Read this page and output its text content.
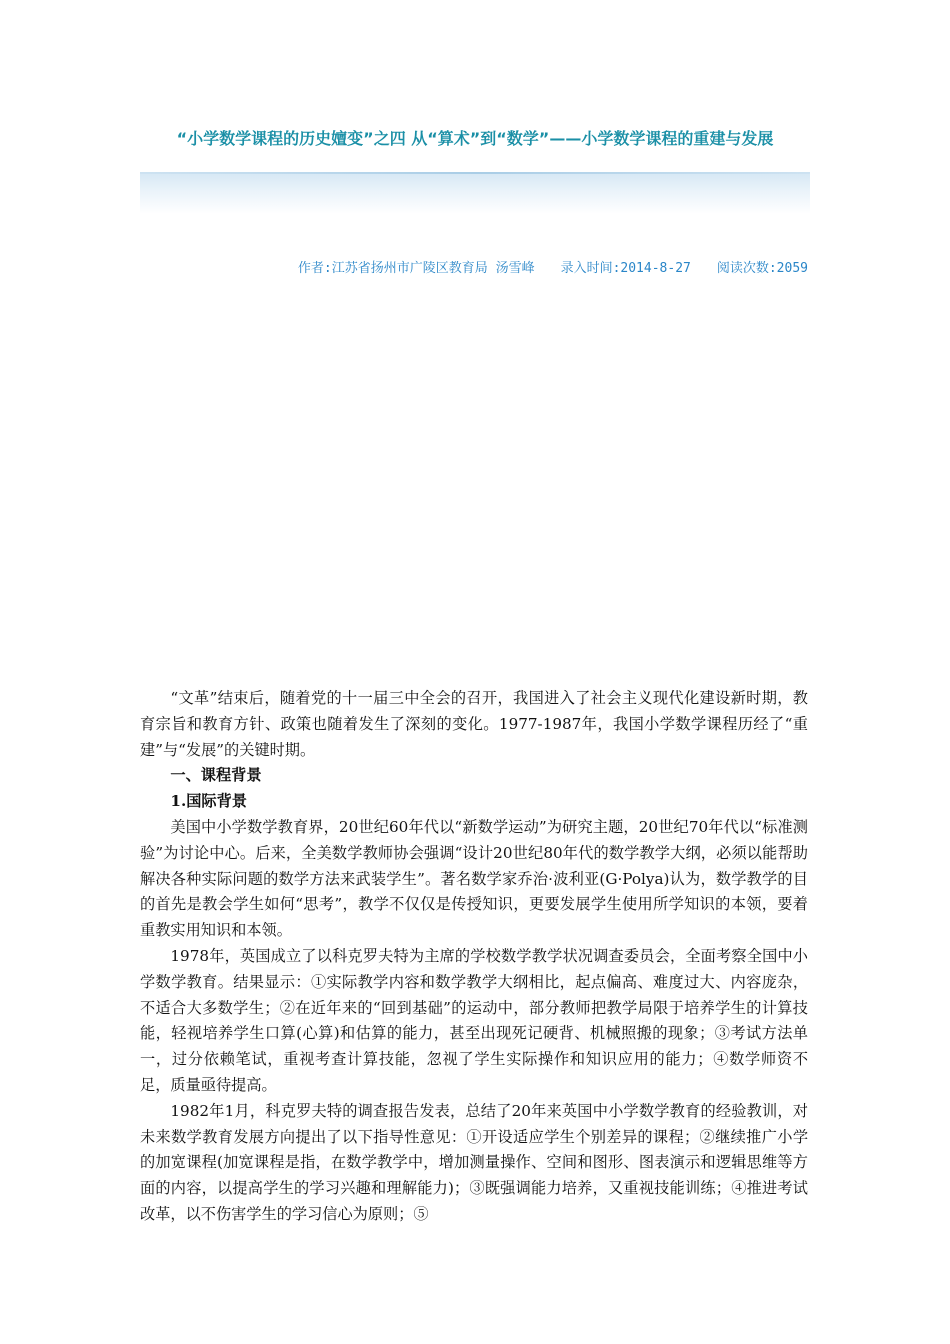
“小学数学课程的历史嬗变”之四 从“算术”到“数学”——小学数学课程的重建与发展
作者:江苏省扬州市广陵区教育局 汤雪峰 录入时间:2014-8-27 阅读次数:2059

“文革”结束后，随着党的十一届三中全会的召开，我国进入了社会主义现代化建设新时期，教育宗旨和教育方针、政策也随着发生了深刻的变化。1977-1987年，我国小学数学课程历经了“重建”与“发展”的关键时期。

一、课程背景
1.国际背景

美国中小学数学教育界，20世纪60年代以“新数学运动”为研究主题，20世纪70年代以“标准测验”为讨论中心。后来，全美数学教师协会强调“设计20世纪80年代的数学教学大纲，必须以能帮助解决各种实际问题的数学方法来武装学生”。著名数学家乔治·波利亚(G·Polya)认为，数学教学的目的首先是教会学生如何“思考”，教学不仅仅是传授知识，更要发展学生使用所学知识的本领，要着重教实用知识和本领。

1978年，英国成立了以科克罗夫特为主席的学校数学教学状况调查委员会，全面考察全国中小学数学教育。结果显示：①实际教学内容和数学教学大纲相比，起点偏高、难度过大、内容庞杂，不适合大多数学生；②在近年来的“回到基础”的运动中，部分教师把教学局限于培养学生的计算技能，轻视培养学生口算(心算)和估算的能力，甚至出现死记硬背、机械照搬的现象；③考试方法单一，过分依赖笔试，重视考查计算技能，忽视了学生实际操作和知识应用的能力；④数学师资不足，质量亟待提高。

1982年1月，科克罗夫特的调查报告发表，总结了20年来英国中小学数学教育的经验教训，对未来数学教育发展方向提出了以下指导性意见：①开设适应学生个别差异的课程；②继续推广小学的加宽课程(加宽课程是指，在数学教学中，增加测量操作、空间和图形、图表演示和逻辑思维等方面的内容，以提高学生的学习兴趣和理解能力)；③既强调能力培养，又重视技能训练；④推进考试改革，以不伤害学生的学习信心为原则；⑤
